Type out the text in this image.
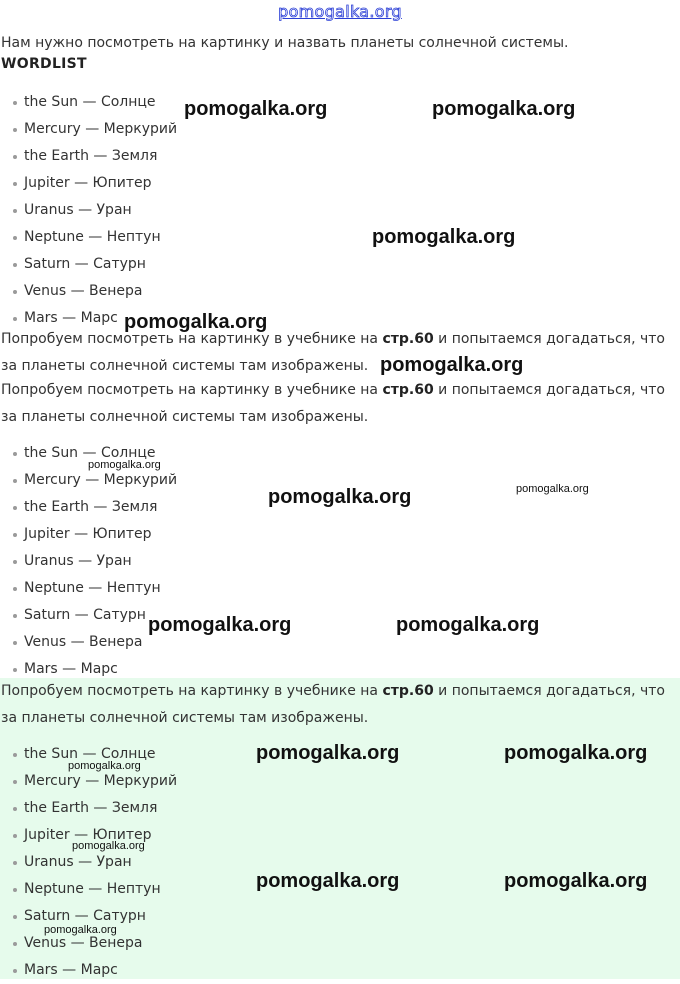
pomogalka.org
Нам нужно посмотреть на картинку и назвать планеты солнечной системы.
WORDLIST
the Sun — Солнце
Mercury — Меркурий
the Earth — Земля
Jupiter — Юпитер
Uranus — Уран
Neptune — Нептун
Saturn — Сатурн
Venus — Венера
Mars — Марс
Попробуем посмотреть на картинку в учебнике на стр.60 и попытаемся догадаться, что за планеты солнечной системы там изображены.
Попробуем посмотреть на картинку в учебнике на стр.60 и попытаемся догадаться, что за планеты солнечной системы там изображены.
the Sun — Солнце
Mercury — Меркурий
the Earth — Земля
Jupiter — Юпитер
Uranus — Уран
Neptune — Нептун
Saturn — Сатурн
Venus — Венера
Mars — Марс
Попробуем посмотреть на картинку в учебнике на стр.60 и попытаемся догадаться, что за планеты солнечной системы там изображены.
the Sun — Солнце
Mercury — Меркурий
the Earth — Земля
Jupiter — Юпитер
Uranus — Уран
Neptune — Нептун
Saturn — Сатурн
Venus — Венера
Mars — Марс
pomogalka.org	pomogalka.org
pomogalka.org
pomogalka.org
pomogalka.org
pomogalka.org
pomogalka.org	pomogalka.org
pomogalka.org	pomogalka.org
pomogalka.org	pomogalka.org
pomogalka.org
pomogalka.org
pomogalka.org	pomogalka.org
pomogalka.org
